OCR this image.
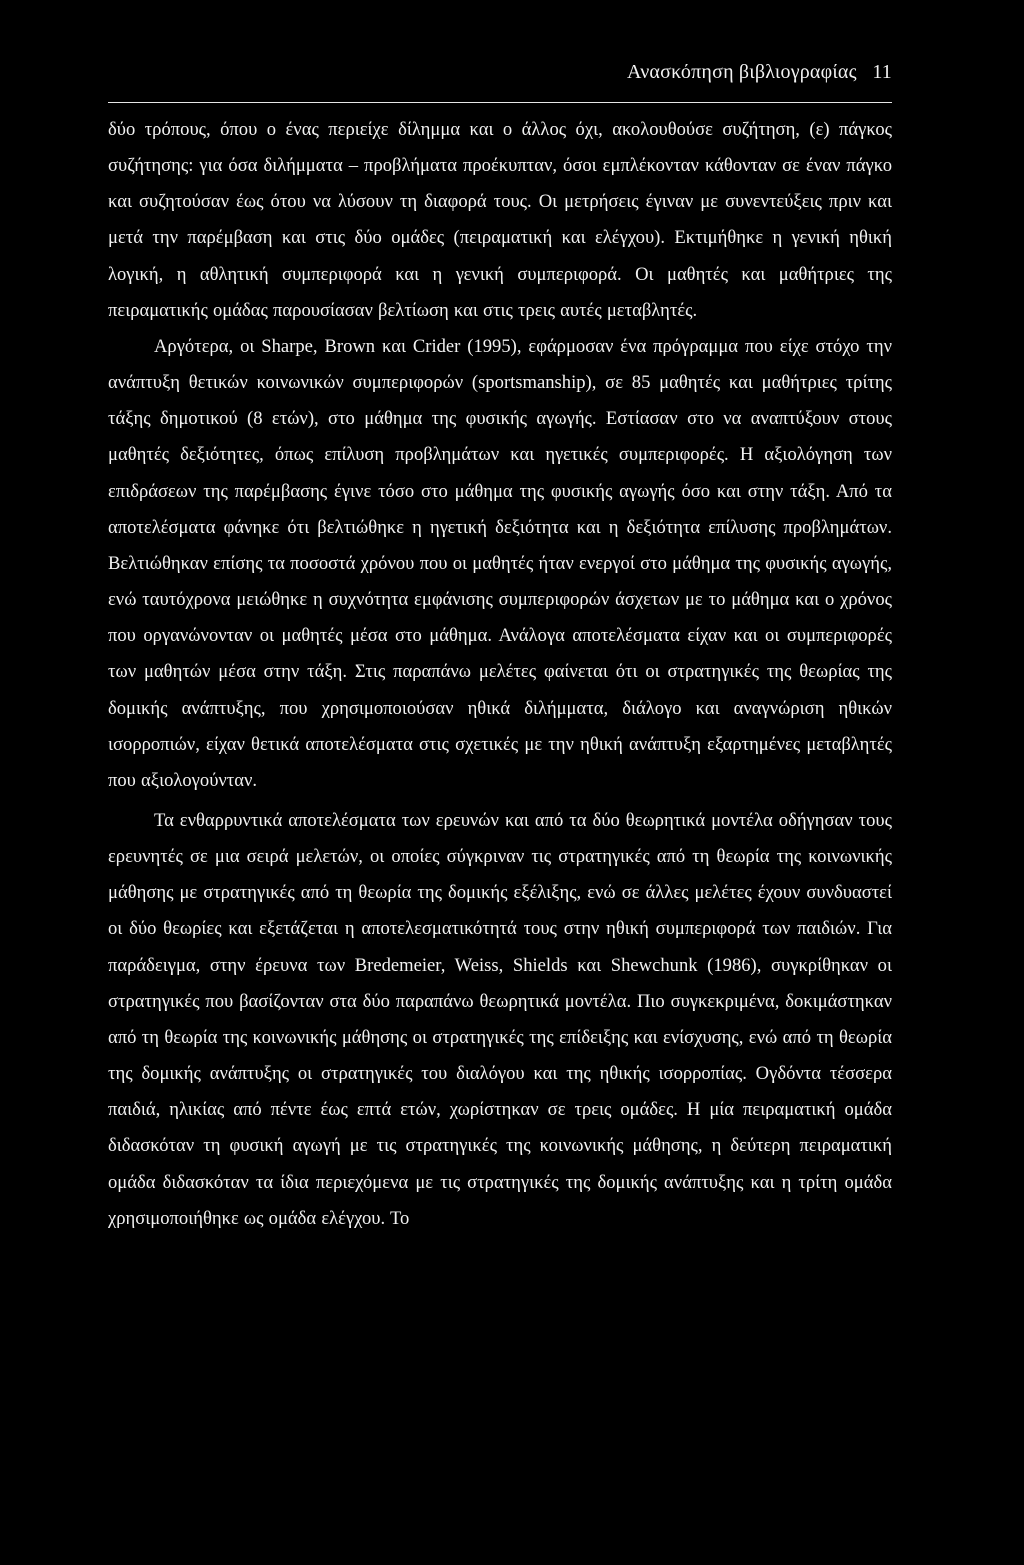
Ανασκόπηση βιβλιογραφίας 11

δύο τρόπους, όπου ο ένας περιείχε δίλημμα και ο άλλος όχι, ακολουθούσε συζήτηση, (ε) πάγκος συζήτησης: για όσα διλήμματα – προβλήματα προέκυπταν, όσοι εμπλέκονταν κάθονταν σε έναν πάγκο και συζητούσαν έως ότου να λύσουν τη διαφορά τους. Οι μετρήσεις έγιναν με συνεντεύξεις πριν και μετά την παρέμβαση και στις δύο ομάδες (πειραματική και ελέγχου). Εκτιμήθηκε η γενική ηθική λογική, η αθλητική συμπεριφορά και η γενική συμπεριφορά. Οι μαθητές και μαθήτριες της πειραματικής ομάδας παρουσίασαν βελτίωση και στις τρεις αυτές μεταβλητές.

Αργότερα, οι Sharpe, Brown και Crider (1995), εφάρμοσαν ένα πρόγραμμα που είχε στόχο την ανάπτυξη θετικών κοινωνικών συμπεριφορών (sportsmanship), σε 85 μαθητές και μαθήτριες τρίτης τάξης δημοτικού (8 ετών), στο μάθημα της φυσικής αγωγής. Εστίασαν στο να αναπτύξουν στους μαθητές δεξιότητες, όπως επίλυση προβλημάτων και ηγετικές συμπεριφορές. Η αξιολόγηση των επιδράσεων της παρέμβασης έγινε τόσο στο μάθημα της φυσικής αγωγής όσο και στην τάξη. Από τα αποτελέσματα φάνηκε ότι βελτιώθηκε η ηγετική δεξιότητα και η δεξιότητα επίλυσης προβλημάτων. Βελτιώθηκαν επίσης τα ποσοστά χρόνου που οι μαθητές ήταν ενεργοί στο μάθημα της φυσικής αγωγής, ενώ ταυτόχρονα μειώθηκε η συχνότητα εμφάνισης συμπεριφορών άσχετων με το μάθημα και ο χρόνος που οργανώνονταν οι μαθητές μέσα στο μάθημα. Ανάλογα αποτελέσματα είχαν και οι συμπεριφορές των μαθητών μέσα στην τάξη. Στις παραπάνω μελέτες φαίνεται ότι οι στρατηγικές της θεωρίας της δομικής ανάπτυξης, που χρησιμοποιούσαν ηθικά διλήμματα, διάλογο και αναγνώριση ηθικών ισορροπιών, είχαν θετικά αποτελέσματα στις σχετικές με την ηθική ανάπτυξη εξαρτημένες μεταβλητές που αξιολογούνταν.

Τα ενθαρρυντικά αποτελέσματα των ερευνών και από τα δύο θεωρητικά μοντέλα οδήγησαν τους ερευνητές σε μια σειρά μελετών, οι οποίες σύγκριναν τις στρατηγικές από τη θεωρία της κοινωνικής μάθησης με στρατηγικές από τη θεωρία της δομικής εξέλιξης, ενώ σε άλλες μελέτες έχουν συνδυαστεί οι δύο θεωρίες και εξετάζεται η αποτελεσματικότητά τους στην ηθική συμπεριφορά των παιδιών. Για παράδειγμα, στην έρευνα των Bredemeier, Weiss, Shields και Shewchunk (1986), συγκρίθηκαν οι στρατηγικές που βασίζονταν στα δύο παραπάνω θεωρητικά μοντέλα. Πιο συγκεκριμένα, δοκιμάστηκαν από τη θεωρία της κοινωνικής μάθησης οι στρατηγικές της επίδειξης και ενίσχυσης, ενώ από τη θεωρία της δομικής ανάπτυξης οι στρατηγικές του διαλόγου και της ηθικής ισορροπίας. Ογδόντα τέσσερα παιδιά, ηλικίας από πέντε έως επτά ετών, χωρίστηκαν σε τρεις ομάδες. Η μία πειραματική ομάδα διδασκόταν τη φυσική αγωγή με τις στρατηγικές της κοινωνικής μάθησης, η δεύτερη πειραματική ομάδα διδασκόταν τα ίδια περιεχόμενα με τις στρατηγικές της δομικής ανάπτυξης και η τρίτη ομάδα χρησιμοποιήθηκε ως ομάδα ελέγχου. Το
